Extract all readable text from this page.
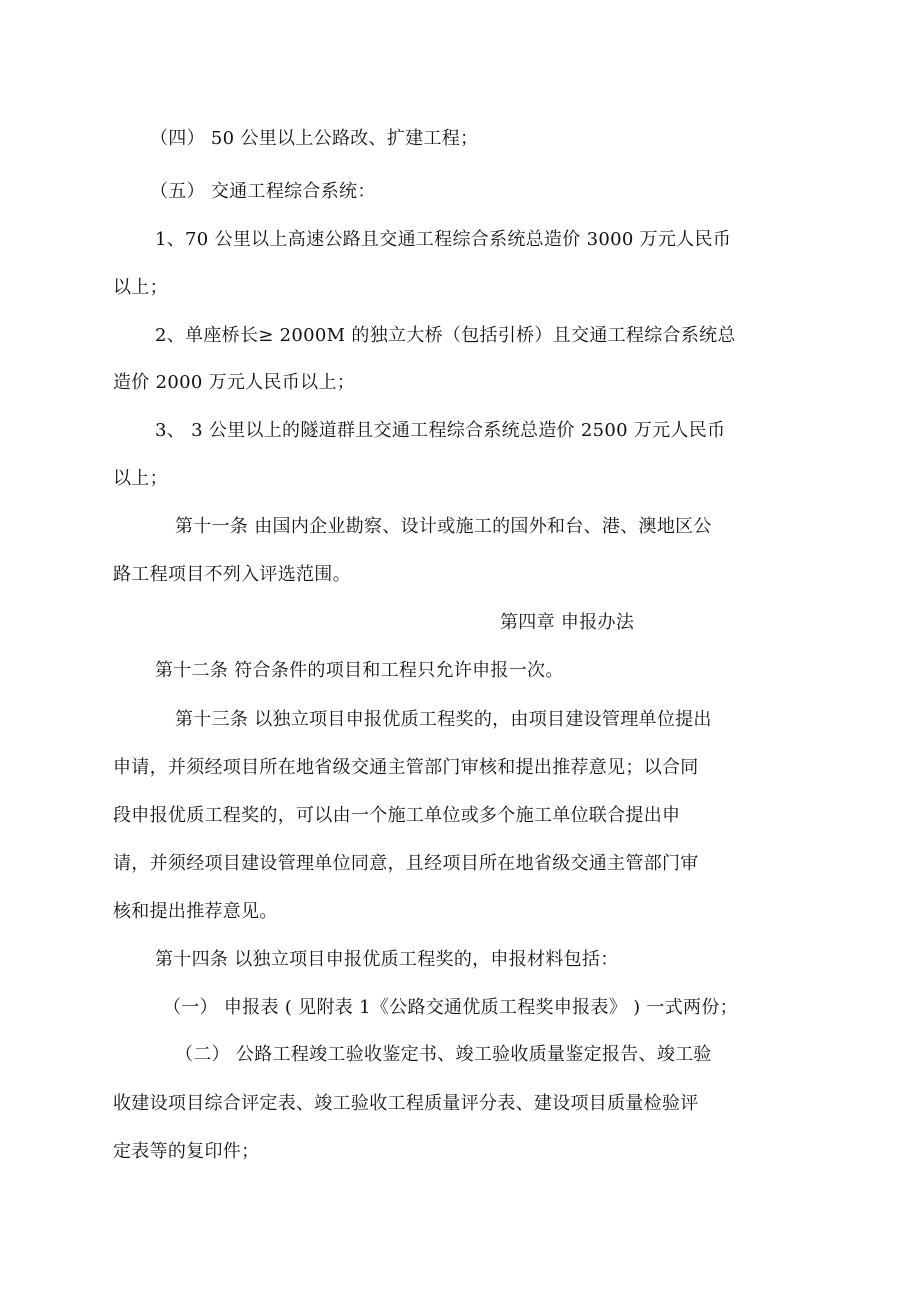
（四） 50 公里以上公路改、扩建工程；
（五） 交通工程综合系统：
1、70 公里以上高速公路且交通工程综合系统总造价 3000 万元人民币
以上；
2、单座桥长≥ 2000M 的独立大桥（包括引桥）且交通工程综合系统总
造价 2000 万元人民币以上；
3、 3 公里以上的隧道群且交通工程综合系统总造价 2500 万元人民币
以上；
第十一条 由国内企业勘察、设计或施工的国外和台、港、澳地区公
路工程项目不列入评选范围。
第四章 申报办法
第十二条 符合条件的项目和工程只允许申报一次。
第十三条 以独立项目申报优质工程奖的，由项目建设管理单位提出
申请，并须经项目所在地省级交通主管部门审核和提出推荐意见；以合同
段申报优质工程奖的，可以由一个施工单位或多个施工单位联合提出申
请，并须经项目建设管理单位同意，且经项目所在地省级交通主管部门审
核和提出推荐意见。
第十四条 以独立项目申报优质工程奖的，申报材料包括：
（一） 申报表 ( 见附表 1《公路交通优质工程奖申报表》 ) 一式两份；
（二） 公路工程竣工验收鉴定书、竣工验收质量鉴定报告、竣工验
收建设项目综合评定表、竣工验收工程质量评分表、建设项目质量检验评
定表等的复印件；
